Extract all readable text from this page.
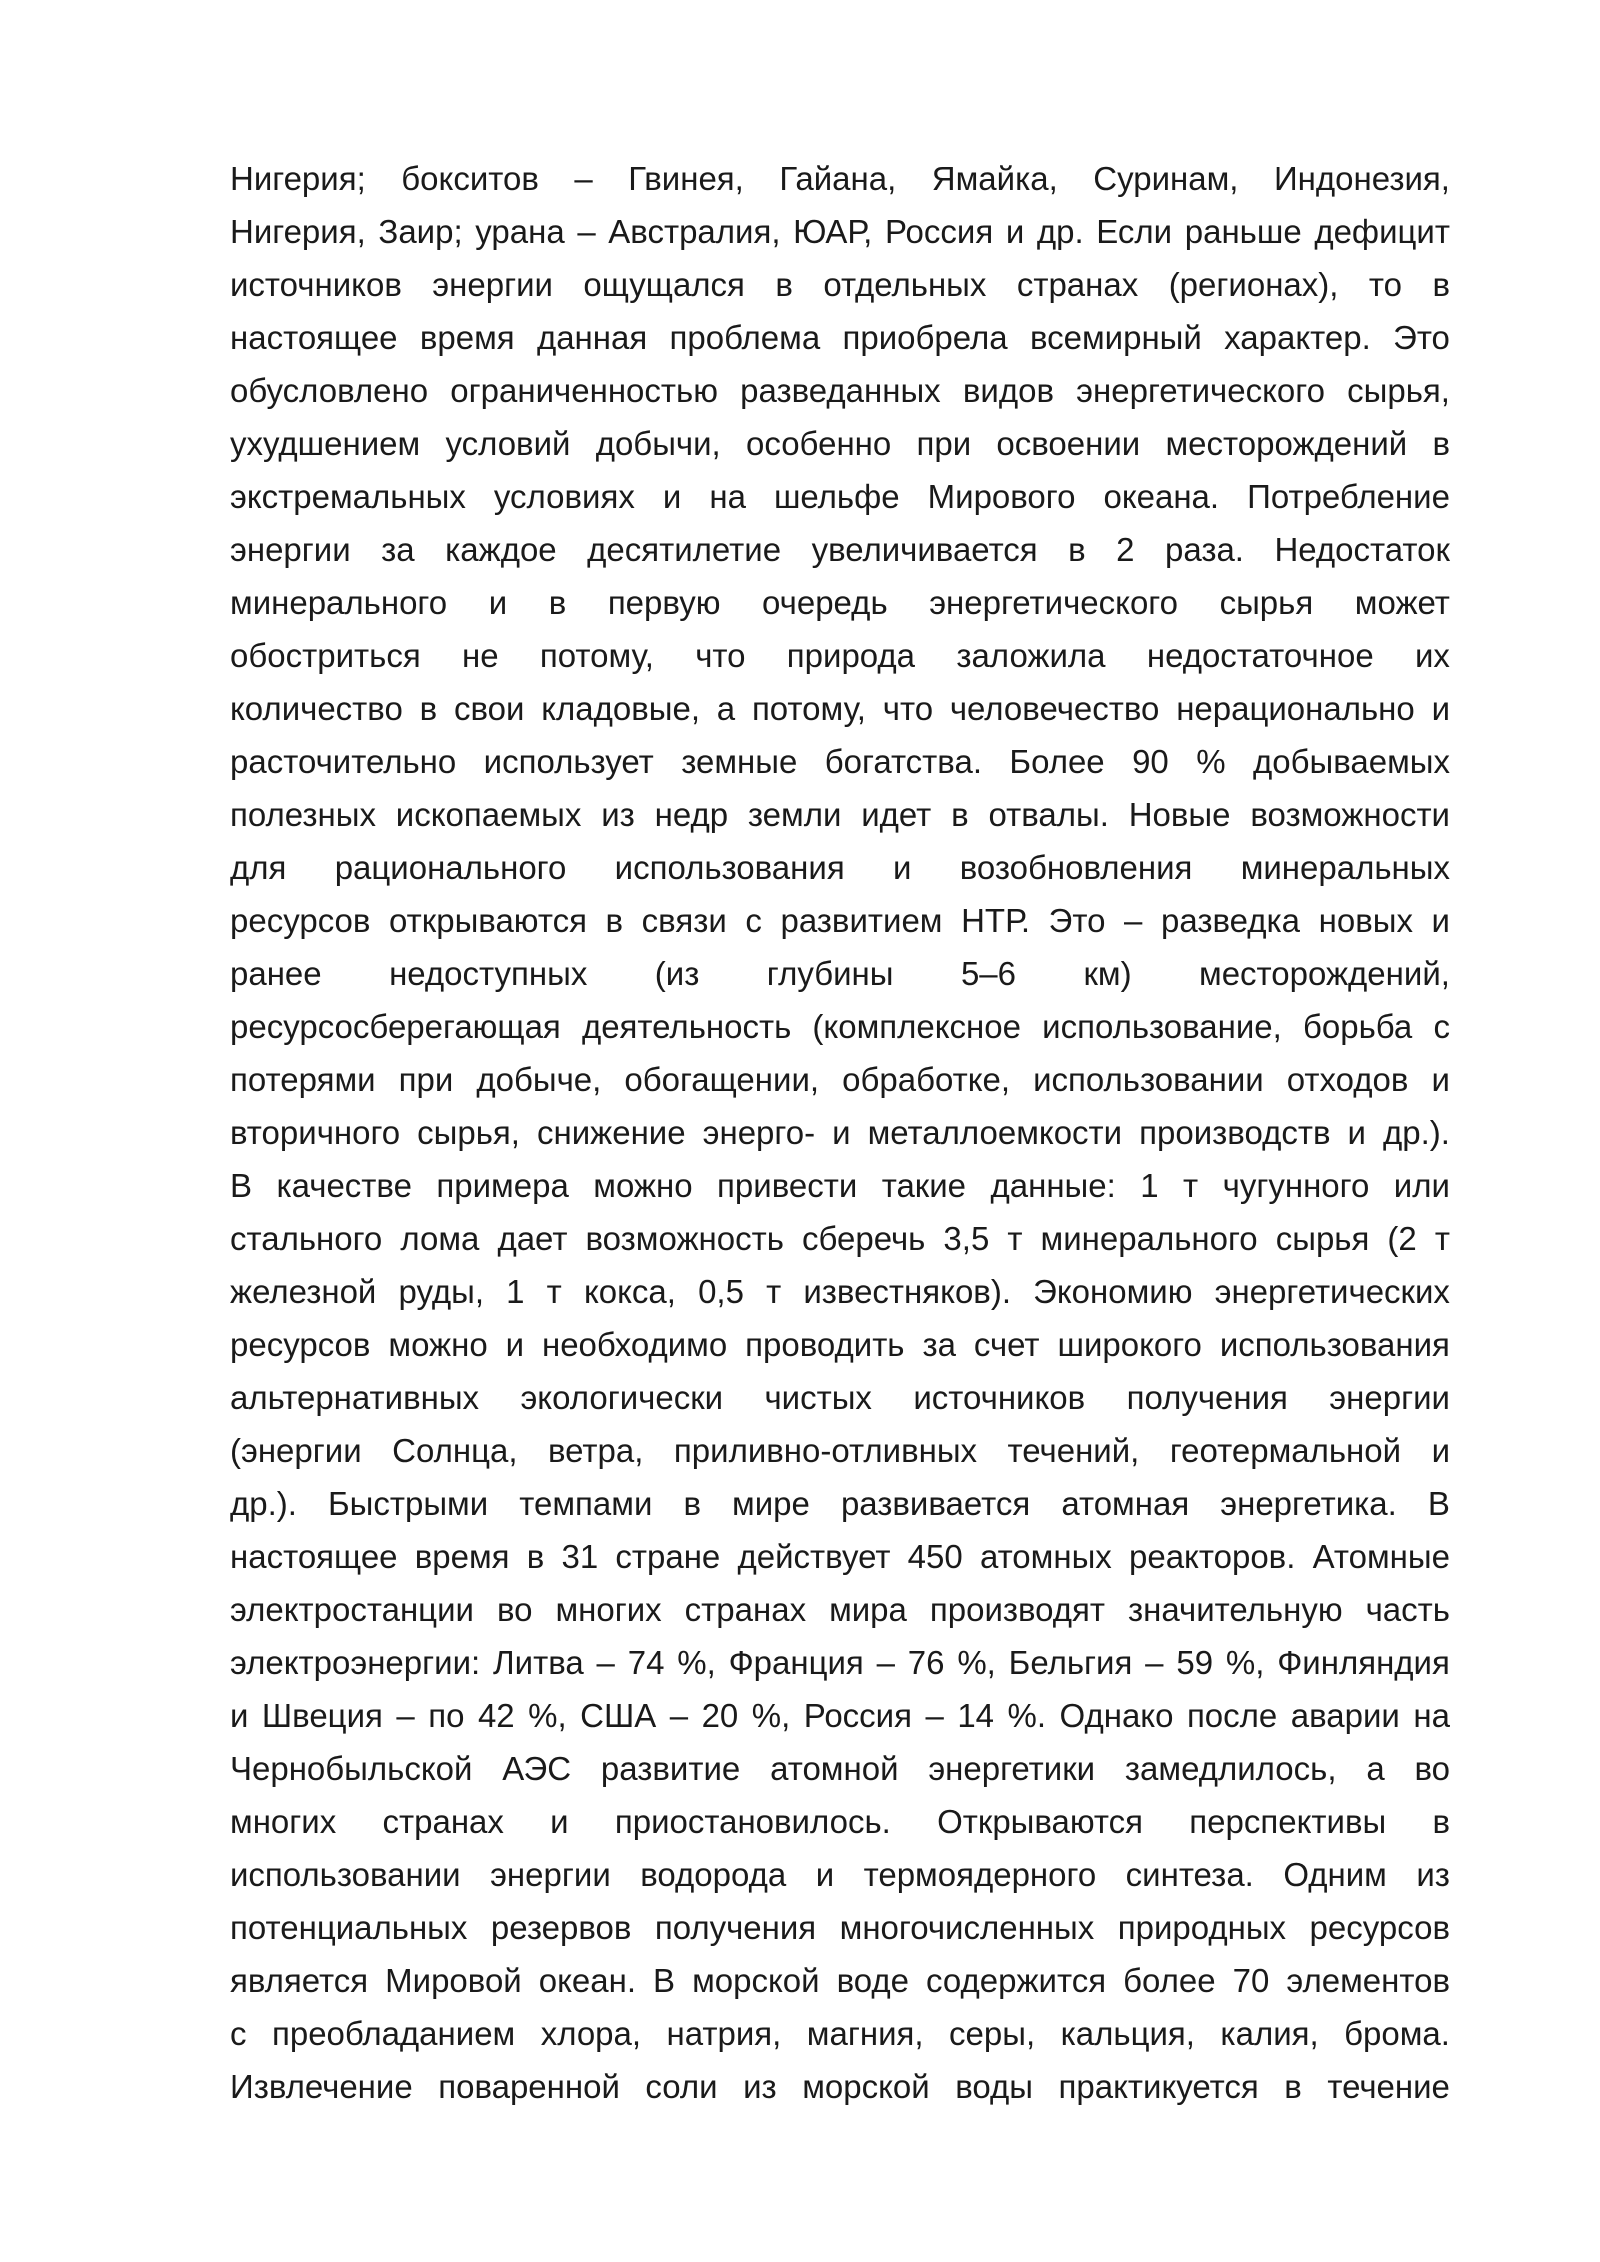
Нигерия; бокситов – Гвинея, Гайана, Ямайка, Суринам, Индонезия,
Нигерия, Заир; урана – Австралия, ЮАР, Россия и др. Если раньше дефицит
источников энергии ощущался в отдельных странах (регионах), то в
настоящее время данная проблема приобрела всемирный характер. Это
обусловлено ограниченностью разведанных видов энергетического сырья,
ухудшением условий добычи, особенно при освоении месторождений в
экстремальных условиях и на шельфе Мирового океана. Потребление
энергии за каждое десятилетие увеличивается в 2 раза. Недостаток
минерального и в первую очередь энергетического сырья может
обостриться не потому, что природа заложила недостаточное их
количество в свои кладовые, а потому, что человечество нерационально и
расточительно использует земные богатства. Более 90 % добываемых
полезных ископаемых из недр земли идет в отвалы. Новые возможности
для рационального использования и возобновления минеральных
ресурсов открываются в связи с развитием НТР. Это – разведка новых и
ранее недоступных (из глубины 5–6 км) месторождений,
ресурсосберегающая деятельность (комплексное использование, борьба с
потерями при добыче, обогащении, обработке, использовании отходов и
вторичного сырья, снижение энерго- и металлоемкости производств и др.).
В качестве примера можно привести такие данные: 1 т чугунного или
стального лома дает возможность сберечь 3,5 т минерального сырья (2 т
железной руды, 1 т кокса, 0,5 т известняков). Экономию энергетических
ресурсов можно и необходимо проводить за счет широкого использования
альтернативных экологически чистых источников получения энергии
(энергии Солнца, ветра, приливно-отливных течений, геотермальной и
др.). Быстрыми темпами в мире развивается атомная энергетика. В
настоящее время в 31 стране действует 450 атомных реакторов. Атомные
электростанции во многих странах мира производят значительную часть
электроэнергии: Литва – 74 %, Франция – 76 %, Бельгия – 59 %, Финляндия
и Швеция – по 42 %, США – 20 %, Россия – 14 %. Однако после аварии на
Чернобыльской АЭС развитие атомной энергетики замедлилось, а во
многих странах и приостановилось. Открываются перспективы в
использовании энергии водорода и термоядерного синтеза. Одним из
потенциальных резервов получения многочисленных природных ресурсов
является Мировой океан. В морской воде содержится более 70 элементов
с преобладанием хлора, натрия, магния, серы, кальция, калия, брома.
Извлечение поваренной соли из морской воды практикуется в течение
